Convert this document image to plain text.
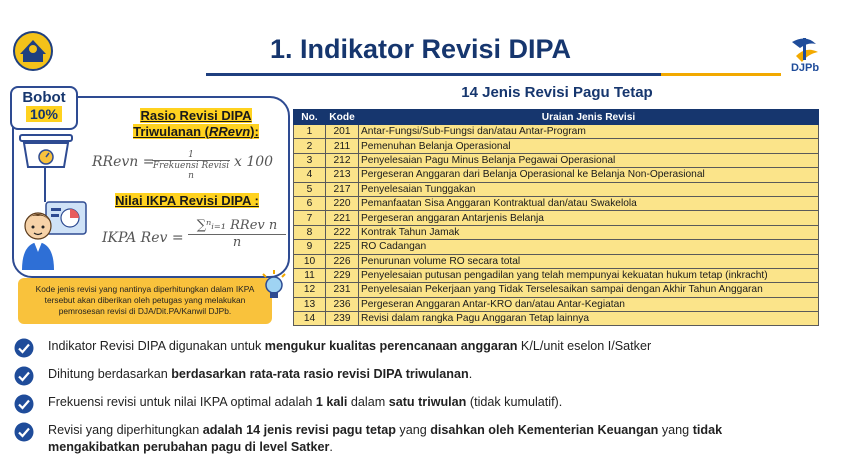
1. Indikator Revisi DIPA
DJPb
Bobot
10%	Rasio Revisi DIPA
Triwulanan (RRevn):
RRevn =	1
Frekuensi Revisi n
x 100
Nilai IKPA Revisi DIPA :
IKPA Rev =
∑ⁿᵢ₌₁ RRev n
n
Kode jenis revisi yang nantinya diperhitungkan dalam IKPA tersebut akan diberikan oleh petugas yang melakukan pemrosesan revisi di DJA/Dit.PA/Kanwil DJPb.
14 Jenis Revisi Pagu Tetap
No.	Kode	Uraian Jenis Revisi
1	201	Antar-Fungsi/Sub-Fungsi dan/atau Antar-Program
2	211	Pemenuhan Belanja Operasional
3	212	Penyelesaian Pagu Minus Belanja Pegawai Operasional
4	213	Pergeseran Anggaran dari Belanja Operasional ke Belanja Non-Operasional
5	217	Penyelesaian Tunggakan
6	220	Pemanfaatan Sisa Anggaran Kontraktual dan/atau Swakelola
7	221	Pergeseran anggaran Antarjenis Belanja
8	222	Kontrak Tahun Jamak
9	225	RO Cadangan
10	226	Penurunan volume RO secara total
11	229	Penyelesaian putusan pengadilan yang telah mempunyai kekuatan hukum tetap (inkracht)
12	231	Penyelesaian Pekerjaan yang Tidak Terselesaikan sampai dengan Akhir Tahun Anggaran
13	236	Pergeseran Anggaran Antar-KRO dan/atau Antar-Kegiatan
14	239	Revisi dalam rangka Pagu Anggaran Tetap lainnya
Indikator Revisi DIPA digunakan untuk mengukur kualitas perencanaan anggaran K/L/unit eselon I/Satker
Dihitung berdasarkan berdasarkan rata-rata rasio revisi DIPA triwulanan.
Frekuensi revisi untuk nilai IKPA optimal adalah 1 kali dalam satu triwulan (tidak kumulatif).
Revisi yang diperhitungkan adalah 14 jenis revisi pagu tetap yang disahkan oleh Kementerian Keuangan yang tidak mengakibatkan perubahan pagu di level Satker.
